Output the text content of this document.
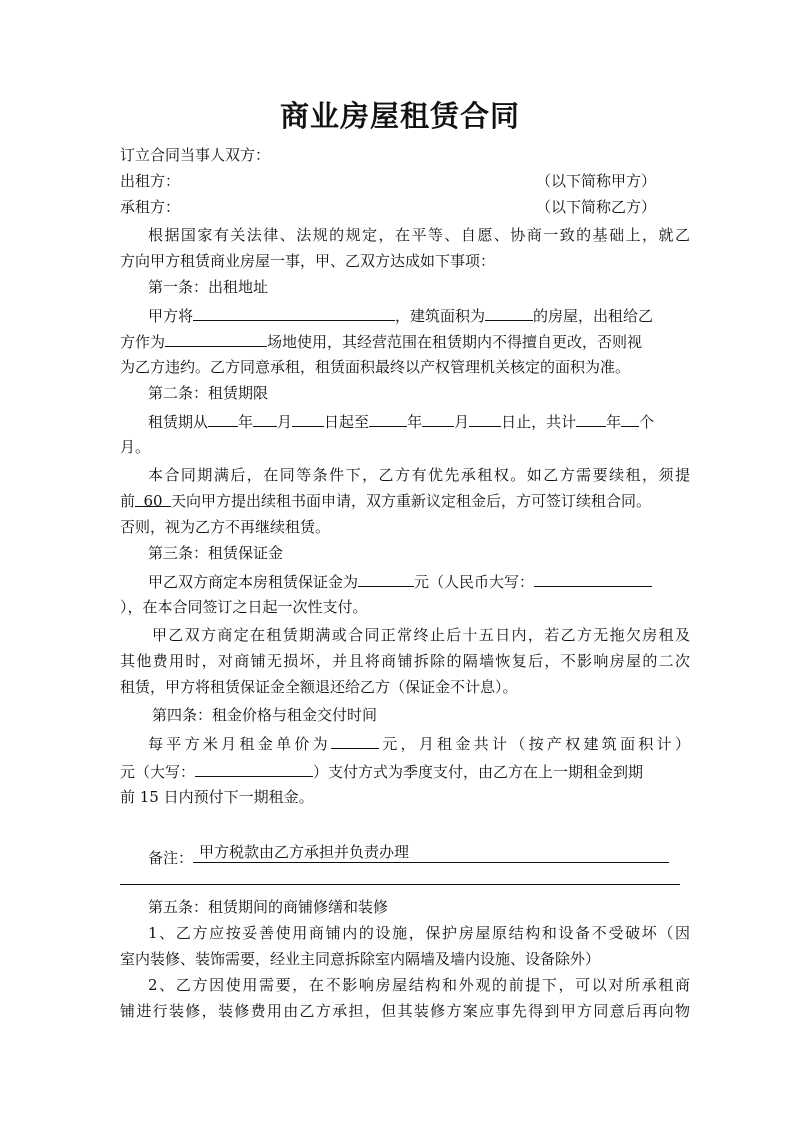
商业房屋租赁合同
订立合同当事人双方：
出租方：	（以下简称甲方）
承租方：	（以下简称乙方）
根据国家有关法律、法规的规定，在平等、自愿、协商一致的基础上，就乙
方向甲方租赁商业房屋一事，甲、乙双方达成如下事项：
第一条：出租地址
甲方将	，建筑面积为	的房屋，出租给乙
方作为	场地使用，其经营范围在租赁期内不得擅自更改，否则视
为乙方违约。乙方同意承租，租赁面积最终以产权管理机关核定的面积为准。
第二条：租赁期限
租赁期从 年 月 日起至	年 月 日止，共计 年 个
月。
本合同期满后，在同等条件下，乙方有优先承租权。如乙方需要续租，须提
前 60 天向甲方提出续租书面申请，双方重新议定租金后，方可签订续租合同。
否则，视为乙方不再继续租赁。
第三条：租赁保证金
甲乙双方商定本房租赁保证金为	元（人民币大写：
），在本合同签订之日起一次性支付。
甲乙双方商定在租赁期满或合同正常终止后十五日内，若乙方无拖欠房租及
其他费用时，对商铺无损坏，并且将商铺拆除的隔墙恢复后，不影响房屋的二次
租赁，甲方将租赁保证金全额退还给乙方（保证金不计息）。
第四条：租金价格与租金交付时间
每平方米月租金单价为	元，月租金共计（按产权建筑面积计）
元（大写：	）支付方式为季度支付，由乙方在上一期租金到期
前 15 日内预付下一期租金。
备注： 甲方税款由乙方承担并负责办理
第五条：租赁期间的商铺修缮和装修
1、乙方应按妥善使用商铺内的设施，保护房屋原结构和设备不受破坏（因
室内装修、装饰需要，经业主同意拆除室内隔墙及墙内设施、设备除外）
2、乙方因使用需要，在不影响房屋结构和外观的前提下，可以对所承租商
铺进行装修，装修费用由乙方承担，但其装修方案应事先得到甲方同意后再向物
